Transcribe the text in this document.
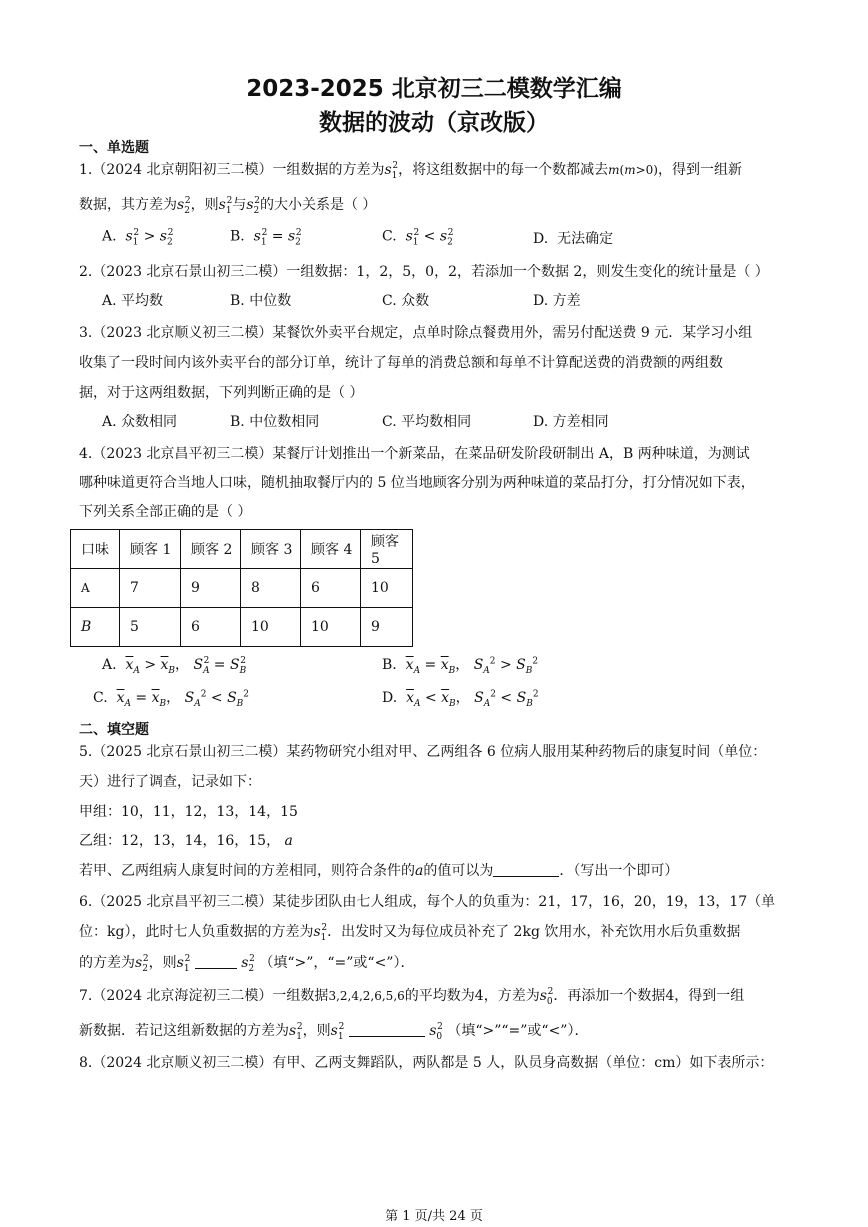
2023-2025 北京初三二模数学汇编
数据的波动（京改版）
一、单选题
1.（2024 北京朝阳初三二模）一组数据的方差为$s_1^2$，将这组数据中的每一个数都减去m(m>0)，得到一组新
数据，其方差为$s_2^2$，则$s_1^2$与$s_2^2$的大小关系是（ ）
A. $s_1^2 > s_2^2$	B. $s_1^2 = s_2^2$	C. $s_1^2 < s_2^2$	D. 无法确定
2.（2023 北京石景山初三二模）一组数据：1，2，5，0，2，若添加一个数据 2，则发生变化的统计量是（ ）
A. 平均数	B. 中位数	C. 众数	D. 方差
3.（2023 北京顺义初三二模）某餐饮外卖平台规定，点单时除点餐费用外，需另付配送费 9 元．某学习小组
收集了一段时间内该外卖平台的部分订单，统计了每单的消费总额和每单不计算配送费的消费额的两组数
据，对于这两组数据，下列判断正确的是（ ）
A. 众数相同	B. 中位数相同	C. 平均数相同	D. 方差相同
4.（2023 北京昌平初三二模）某餐厅计划推出一个新菜品，在菜品研发阶段研制出 A，B 两种味道，为测试
哪种味道更符合当地人口味，随机抽取餐厅内的 5 位当地顾客分别为两种味道的菜品打分，打分情况如下表，
下列关系全部正确的是（ ）
口味	顾客 1	顾客 2	顾客 3	顾客 4	顾客 5
A	7	9	8	6	10
B	5	6	10	10	9
A. $\overline{x}_A > \overline{x}_B$， $S_A^2 = S_B^2$	B. $\overline{x}_A = \overline{x}_B$， $S_A^2 > S_B^2$
C. $\overline{x}_A = \overline{x}_B$， $S_A^2 < S_B^2$	D. $\overline{x}_A < \overline{x}_B$， $S_A^2 < S_B^2$
二、填空题
5.（2025 北京石景山初三二模）某药物研究小组对甲、乙两组各 6 位病人服用某种药物后的康复时间（单位：
天）进行了调查，记录如下：
甲组：10，11，12，13，14，15
乙组：12，13，14，16，15， a
若甲、乙两组病人康复时间的方差相同，则符合条件的a的值可以为	．（写出一个即可）
6.（2025 北京昌平初三二模）某徒步团队由七人组成，每个人的负重为：21，17，16，20，19，13，17（单
位：kg），此时七人负重数据的方差为$s_1^2$．出发时又为每位成员补充了 2kg 饮用水，补充饮用水后负重数据
的方差为$s_2^2$，则$s_1^2$	$s_2^2$ （填“>”，“=”或“<”）．
7.（2024 北京海淀初三二模）一组数据3,2,4,2,6,5,6的平均数为4，方差为$s_0^2$．再添加一个数据4，得到一组
新数据．若记这组新数据的方差为$s_1^2$，则$s_1^2$	$s_0^2$ （填“>”“=”或“<”）．
8.（2024 北京顺义初三二模）有甲、乙两支舞蹈队，两队都是 5 人，队员身高数据（单位：cm）如下表所示：
第 1 页/共 24 页
